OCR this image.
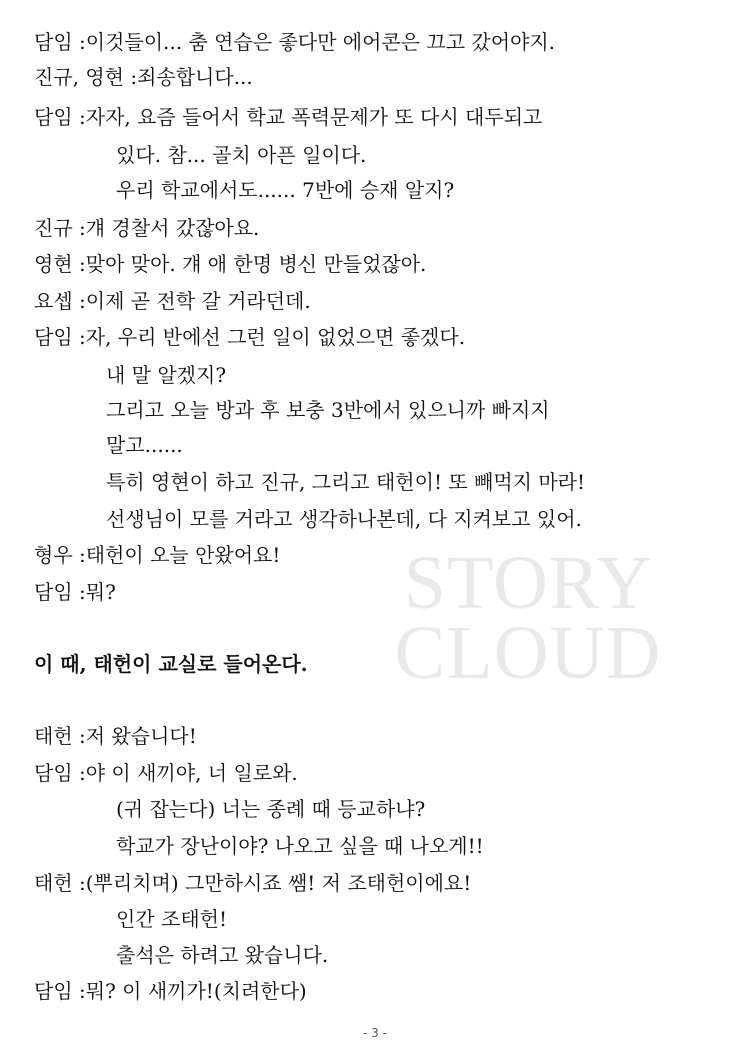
STORY
CLOUD
담임 :이것들이... 춤 연습은 좋다만 에어콘은 끄고 갔어야지.
진규, 영현 :죄송합니다...
담임 :자자, 요즘 들어서 학교 폭력문제가 또 다시 대두되고
있다. 참... 골치 아픈 일이다.
우리 학교에서도...... 7반에 승재 알지?
진규 :걔 경찰서 갔잖아요.
영현 :맞아 맞아. 걔 애 한명 병신 만들었잖아.
요셉 :이제 곧 전학 갈 거라던데.
담임 :자, 우리 반에선 그런 일이 없었으면 좋겠다.
내 말 알겠지?
그리고 오늘 방과 후 보충 3반에서 있으니까 빠지지
말고......
특히 영현이 하고 진규, 그리고 태헌이! 또 빼먹지 마라!
선생님이 모를 거라고 생각하나본데, 다 지켜보고 있어.
형우 :태헌이 오늘 안왔어요!
담임 :뭐?
이 때, 태헌이 교실로 들어온다.
태헌 :저 왔습니다!
담임 :야 이 새끼야, 너 일로와.
(귀 잡는다) 너는 종례 때 등교하냐?
학교가 장난이야? 나오고 싶을 때 나오게!!
태헌 :(뿌리치며) 그만하시죠 쌤! 저 조태헌이에요!
인간 조태헌!
출석은 하려고 왔습니다.
담임 :뭐? 이 새끼가!(치려한다)
- 3 -
